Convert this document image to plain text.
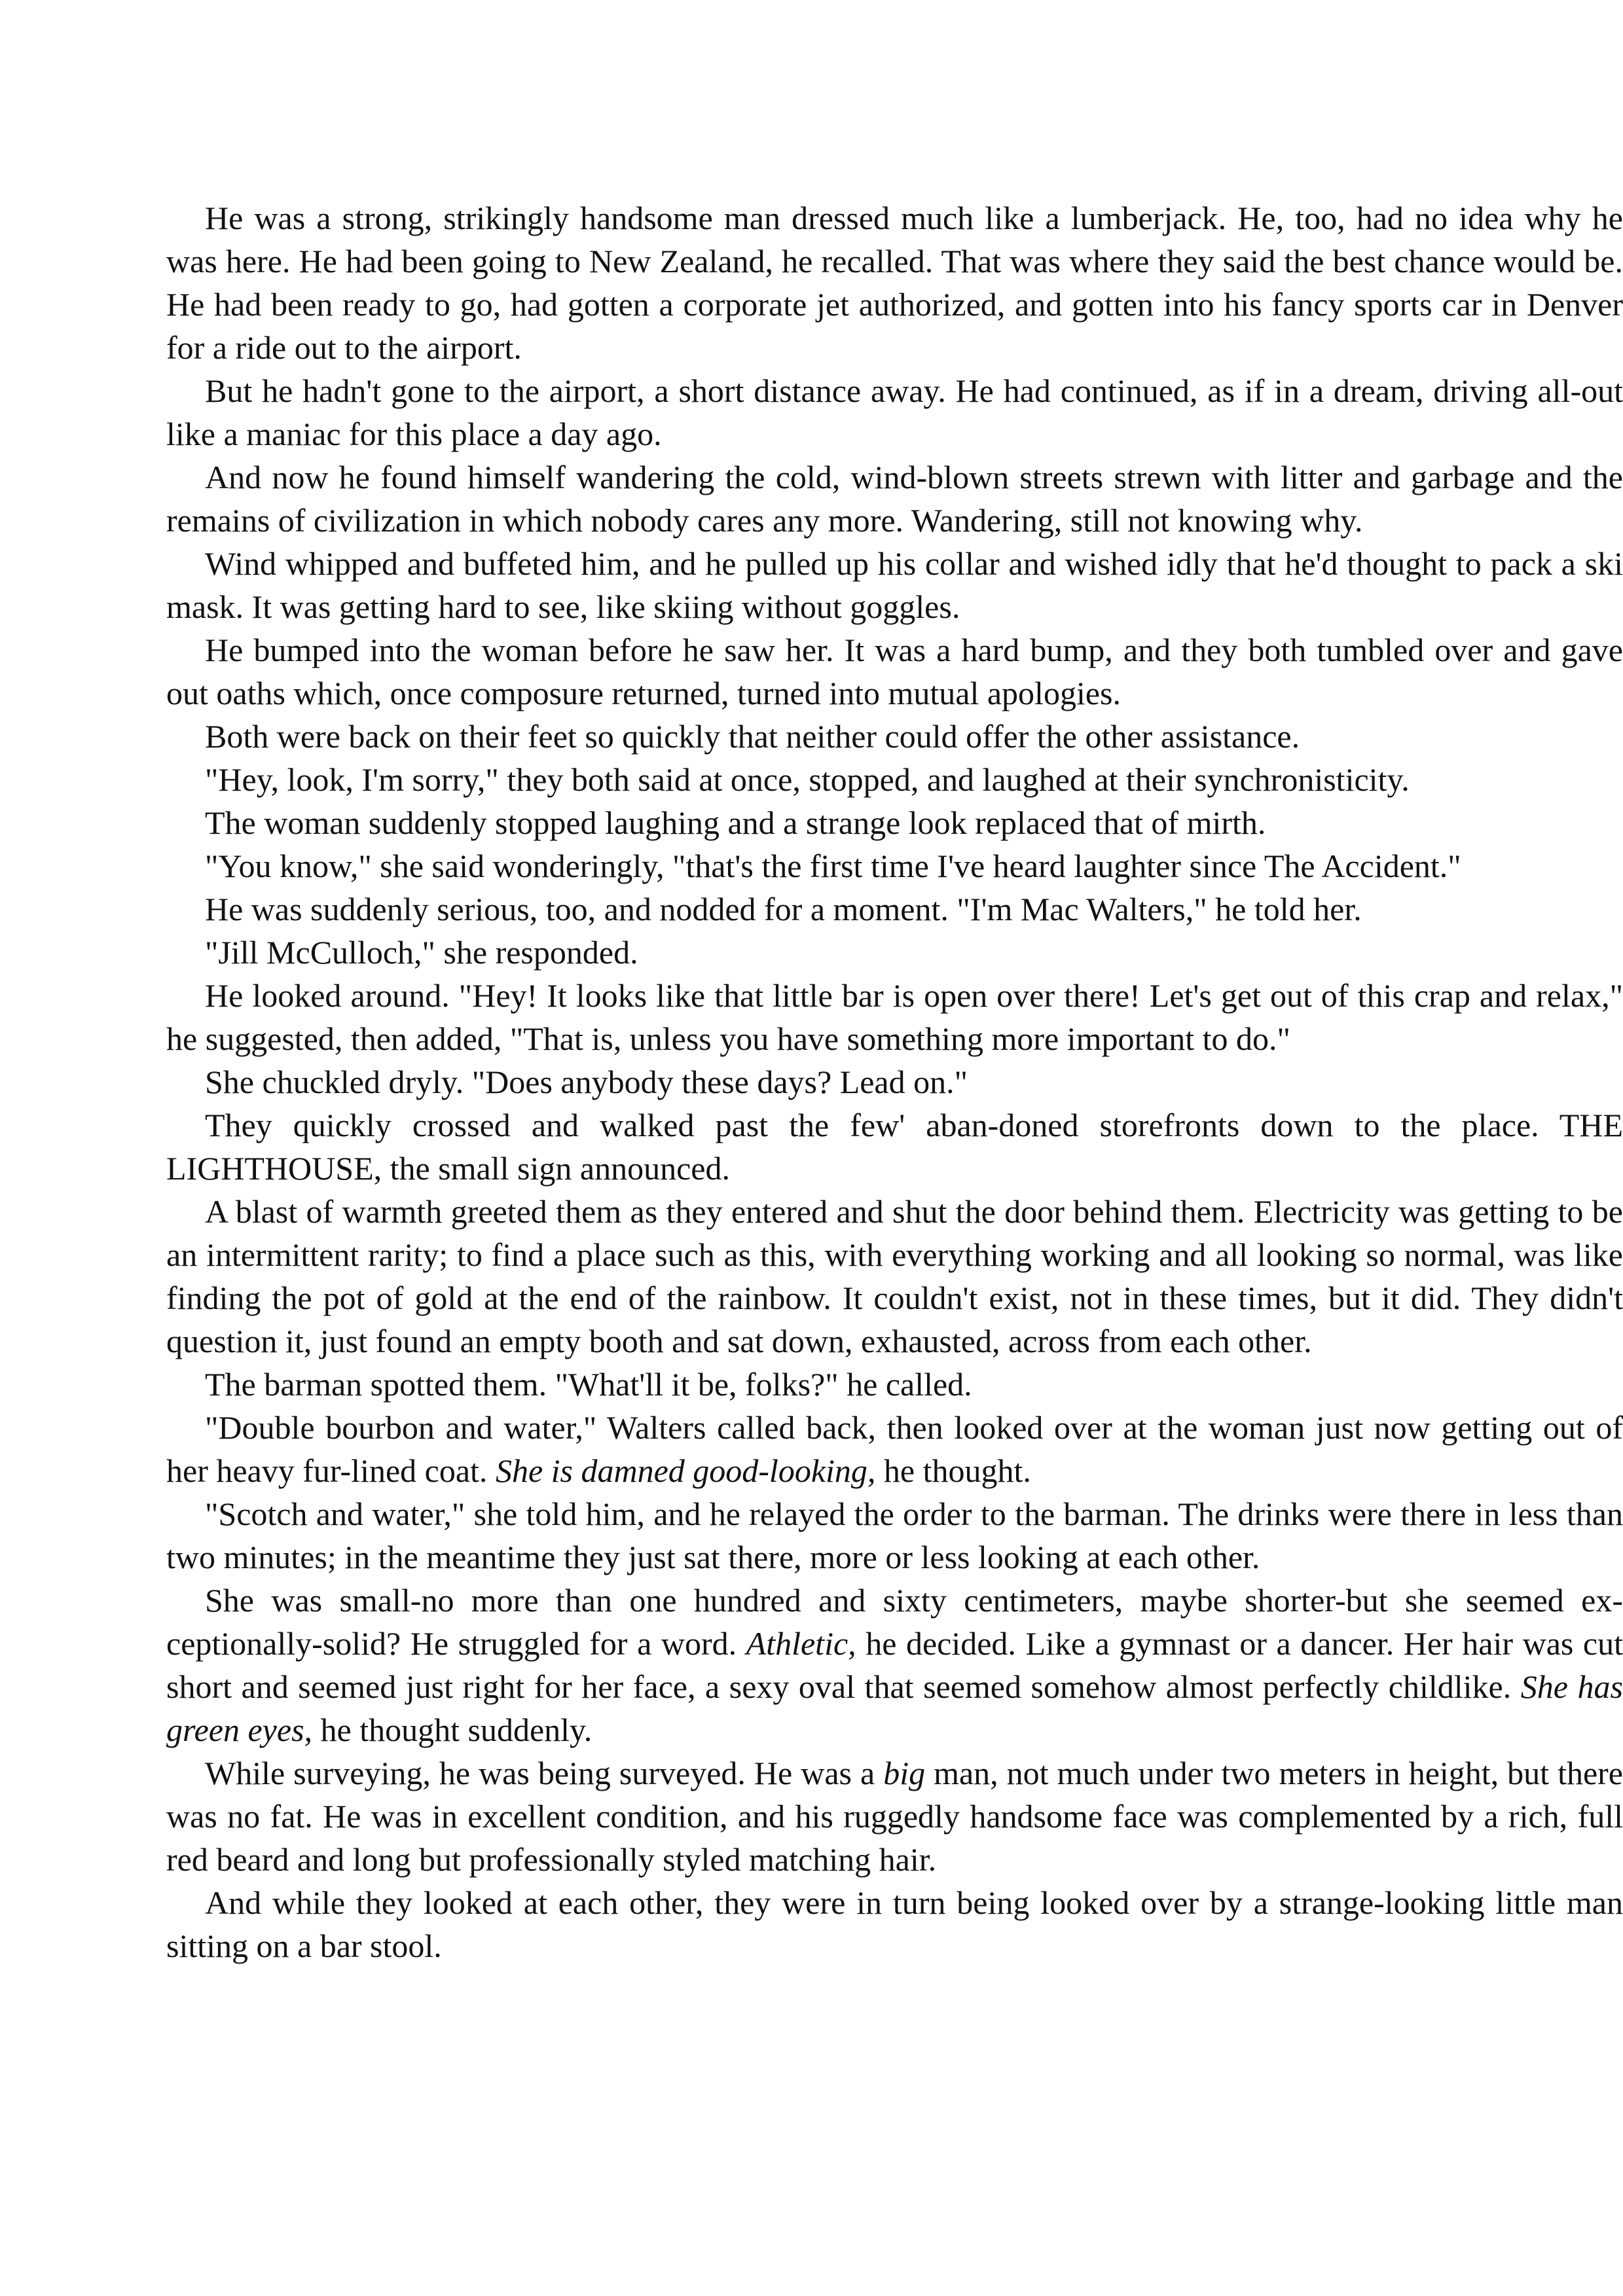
He was a strong, strikingly handsome man dressed much like a lumberjack. He, too, had no idea why he was here. He had been going to New Zealand, he recalled. That was where they said the best chance would be. He had been ready to go, had gotten a corporate jet authorized, and gotten into his fancy sports car in Denver for a ride out to the airport.

But he hadn't gone to the airport, a short distance away. He had continued, as if in a dream, driving all-out like a maniac for this place a day ago.

And now he found himself wandering the cold, wind-blown streets strewn with litter and garbage and the remains of civilization in which nobody cares any more. Wandering, still not knowing why.

Wind whipped and buffeted him, and he pulled up his collar and wished idly that he'd thought to pack a ski mask. It was getting hard to see, like skiing without goggles.

He bumped into the woman before he saw her. It was a hard bump, and they both tumbled over and gave out oaths which, once composure returned, turned into mutual apologies.

Both were back on their feet so quickly that neither could offer the other assistance.

"Hey, look, I'm sorry," they both said at once, stopped, and laughed at their synchronisticity.

The woman suddenly stopped laughing and a strange look replaced that of mirth.

"You know," she said wonderingly, "that's the first time I've heard laughter since The Accident."

He was suddenly serious, too, and nodded for a moment. "I'm Mac Walters," he told her.

"Jill McCulloch," she responded.

He looked around. "Hey! It looks like that little bar is open over there! Let's get out of this crap and relax," he suggested, then added, "That is, unless you have something more important to do."

She chuckled dryly. "Does anybody these days? Lead on."

They quickly crossed and walked past the few' aban-doned storefronts down to the place. THE LIGHTHOUSE, the small sign announced.

A blast of warmth greeted them as they entered and shut the door behind them. Electricity was getting to be an intermittent rarity; to find a place such as this, with everything working and all looking so normal, was like finding the pot of gold at the end of the rainbow. It couldn't exist, not in these times, but it did. They didn't question it, just found an empty booth and sat down, exhausted, across from each other.

The barman spotted them. "What'll it be, folks?" he called.

"Double bourbon and water," Walters called back, then looked over at the woman just now getting out of her heavy fur-lined coat. She is damned good-looking, he thought.

"Scotch and water," she told him, and he relayed the order to the barman. The drinks were there in less than two minutes; in the meantime they just sat there, more or less looking at each other.

She was small-no more than one hundred and sixty centimeters, maybe shorter-but she seemed ex-ceptionally-solid? He struggled for a word. Athletic, he decided. Like a gymnast or a dancer. Her hair was cut short and seemed just right for her face, a sexy oval that seemed somehow almost perfectly childlike. She has green eyes, he thought suddenly.

While surveying, he was being surveyed. He was a big man, not much under two meters in height, but there was no fat. He was in excellent condition, and his ruggedly handsome face was complemented by a rich, full red beard and long but professionally styled matching hair.

And while they looked at each other, they were in turn being looked over by a strange-looking little man sitting on a bar stool.
